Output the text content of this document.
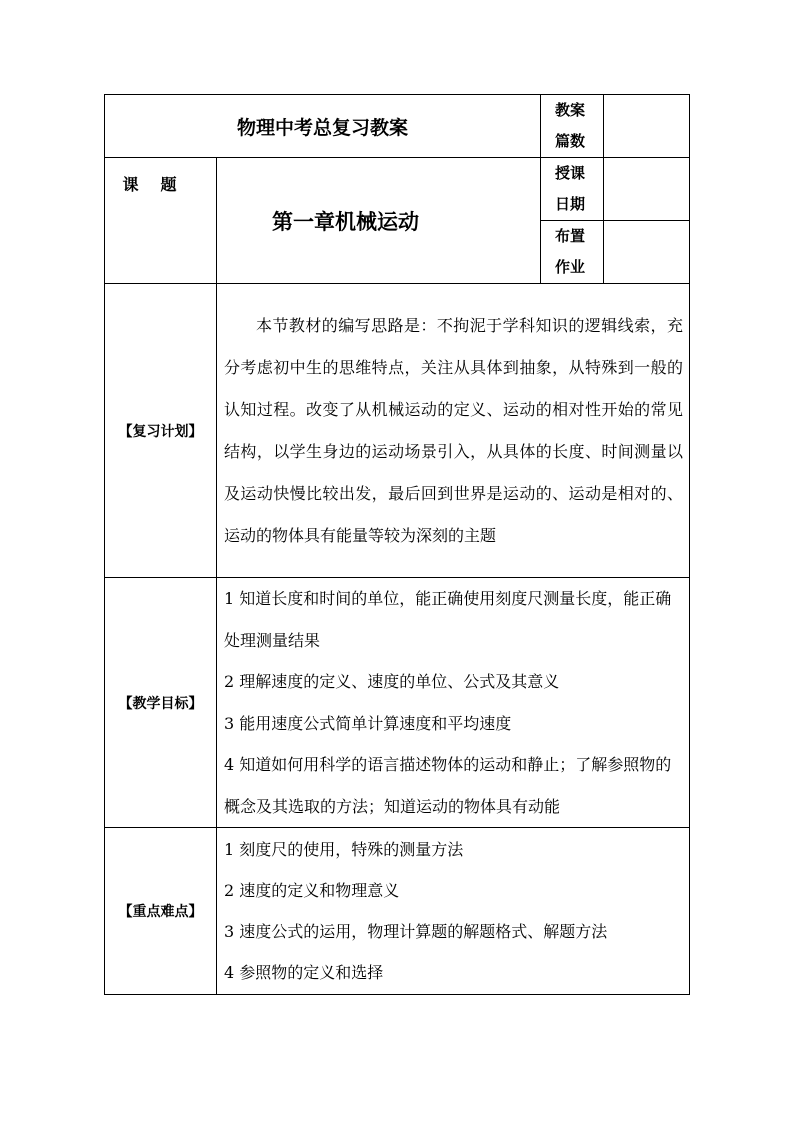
物理中考总复习教案		教案
篇数	

课题	第一章机械运动	授课
日期	

		布置
作业	

【复习计划】	本节教材的编写思路是：不拘泥于学科知识的逻辑线索，充分考虑初中生的思维特点，关注从具体到抽象，从特殊到一般的认知过程。改变了从机械运动的定义、运动的相对性开始的常见结构，以学生身边的运动场景引入，从具体的长度、时间测量以及运动快慢比较出发，最后回到世界是运动的、运动是相对的、运动的物体具有能量等较为深刻的主题		
【教学目标】	1 知道长度和时间的单位，能正确使用刻度尺测量长度，能正确处理测量结果
2 理解速度的定义、速度的单位、公式及其意义
3 能用速度公式简单计算速度和平均速度
4 知道如何用科学的语言描述物体的运动和静止；了解参照物的概念及其选取的方法；知道运动的物体具有动能		

【重点难点】	1 刻度尺的使用，特殊的测量方法
2 速度的定义和物理意义
3 速度公式的运用，物理计算题的解题格式、解题方法
4 参照物的定义和选择		
